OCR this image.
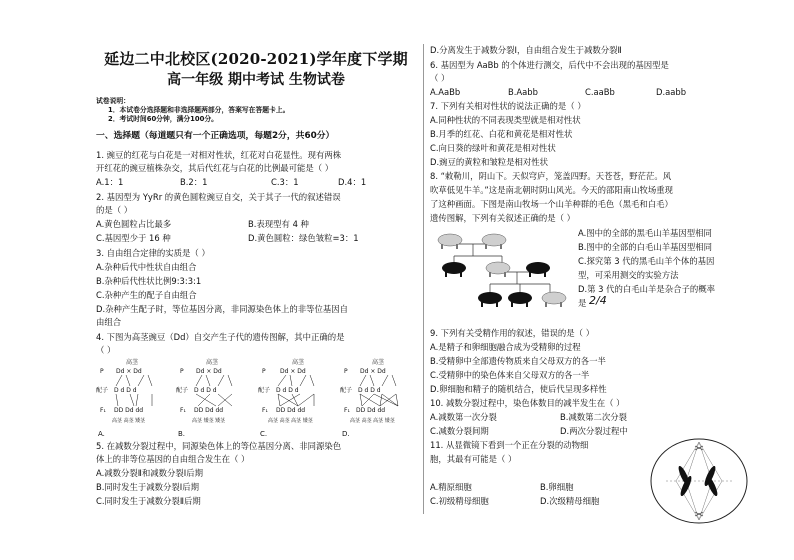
延边二中北校区(2020-2021)学年度下学期
高一年级 期中考试 生物试卷
试卷说明：
1．本试卷分选择题和非选择题两部分，答案写在答题卡上。
2．考试时间60分钟，满分100分。
一、选择题（每道题只有一个正确选项，每题2分，共60分）
1. 豌豆的红花与白花是一对相对性状，红花对白花显性。现有两株
开红花的豌豆植株杂交，其后代红花与白花的比例最可能是（ ）
A.1：1	B.2：1	C.3：1	D.4：1
2. 基因型为 YyRr 的黄色圆粒豌豆自交，关于其子一代的叙述错误
的是（ ）
A.黄色圆粒占比最多	B.表现型有 4 种
C.基因型少于 16 种	D.黄色圆粒：绿色皱粒=3：1
3. 自由组合定律的实质是（ ）
A.杂种后代中性状自由组合
B.杂种后代性状比例9:3:3:1
C.杂种产生的配子自由组合
D.杂种产生配子时，等位基因分离，非同源染色体上的非等位基因自
由组合
4. 下图为高茎豌豆（Dd）自交产生子代的遗传图解，其中正确的是
（ ）
高茎
P Dd × Dd
配子 D d D d
F₁ DD Dd dd
高茎 高茎 矮茎
A.
高茎
P Dd × Dd
配子 D d D d
F₁ DD Dd dd
高茎 矮茎 矮茎
B.
高茎
P Dd × Dd
配子 D d D d
F₁ DD Dd dd
高茎 高茎 高茎 矮茎
C.
高茎
P Dd × Dd
配子 D d D d
F₁ DD Dd dd
高茎 高茎 高茎 矮茎
D.
5. 在减数分裂过程中，同源染色体上的等位基因分离、非同源染色
体上的非等位基因的自由组合发生在（ ）
A.减数分裂Ⅱ和减数分裂Ⅰ后期
B.同时发生于减数分裂Ⅰ后期
C.同时发生于减数分裂Ⅱ后期
D.分离发生于减数分裂Ⅰ，自由组合发生于减数分裂Ⅱ
6. 基因型为 AaBb 的个体进行测交，后代中不会出现的基因型是
（ ）
A.AaBb	B.Aabb	C.aaBb	D.aabb
7. 下列有关相对性状的说法正确的是（ ）
A.同种性状的不同表现类型就是相对性状
B.月季的红花、白花和黄花是相对性状
C.向日葵的绿叶和黄花是相对性状
D.豌豆的黄粒和皱粒是相对性状
8. “敕勒川，阴山下。天似穹庐，笼盖四野。天苍苍，野茫茫。风
吹草低见牛羊。”这是南北朝时阴山风光。今天的邵阳南山牧场重现
了这种画面。下图是南山牧场一个山羊种群的毛色（黑毛和白毛）
遗传图解，下列有关叙述正确的是（ ）
A.图中的全部的黑毛山羊基因型相同
B.图中的全部的白毛山羊基因型相同
C.探究第 3 代的黑毛山羊个体的基因
型，可采用测交的实验方法
D.第 3 代的白毛山羊是杂合子的概率
是 2/4
9. 下列有关受精作用的叙述，错误的是（ ）
A.是精子和卵细胞融合成为受精卵的过程
B.受精卵中全部遗传物质来自父母双方的各一半
C.受精卵中的染色体来自父母双方的各一半
D.卵细胞和精子的随机结合，使后代呈现多样性
10. 减数分裂过程中，染色体数目的减半发生在（ ）
A.减数第一次分裂	B.减数第二次分裂
C.减数分裂间期	D.两次分裂过程中
11. 从显微镜下看到一个正在分裂的动物细
胞，其最有可能是（ ）
A.精原细胞	B.卵细胞
C.初级精母细胞	D.次级精母细胞
